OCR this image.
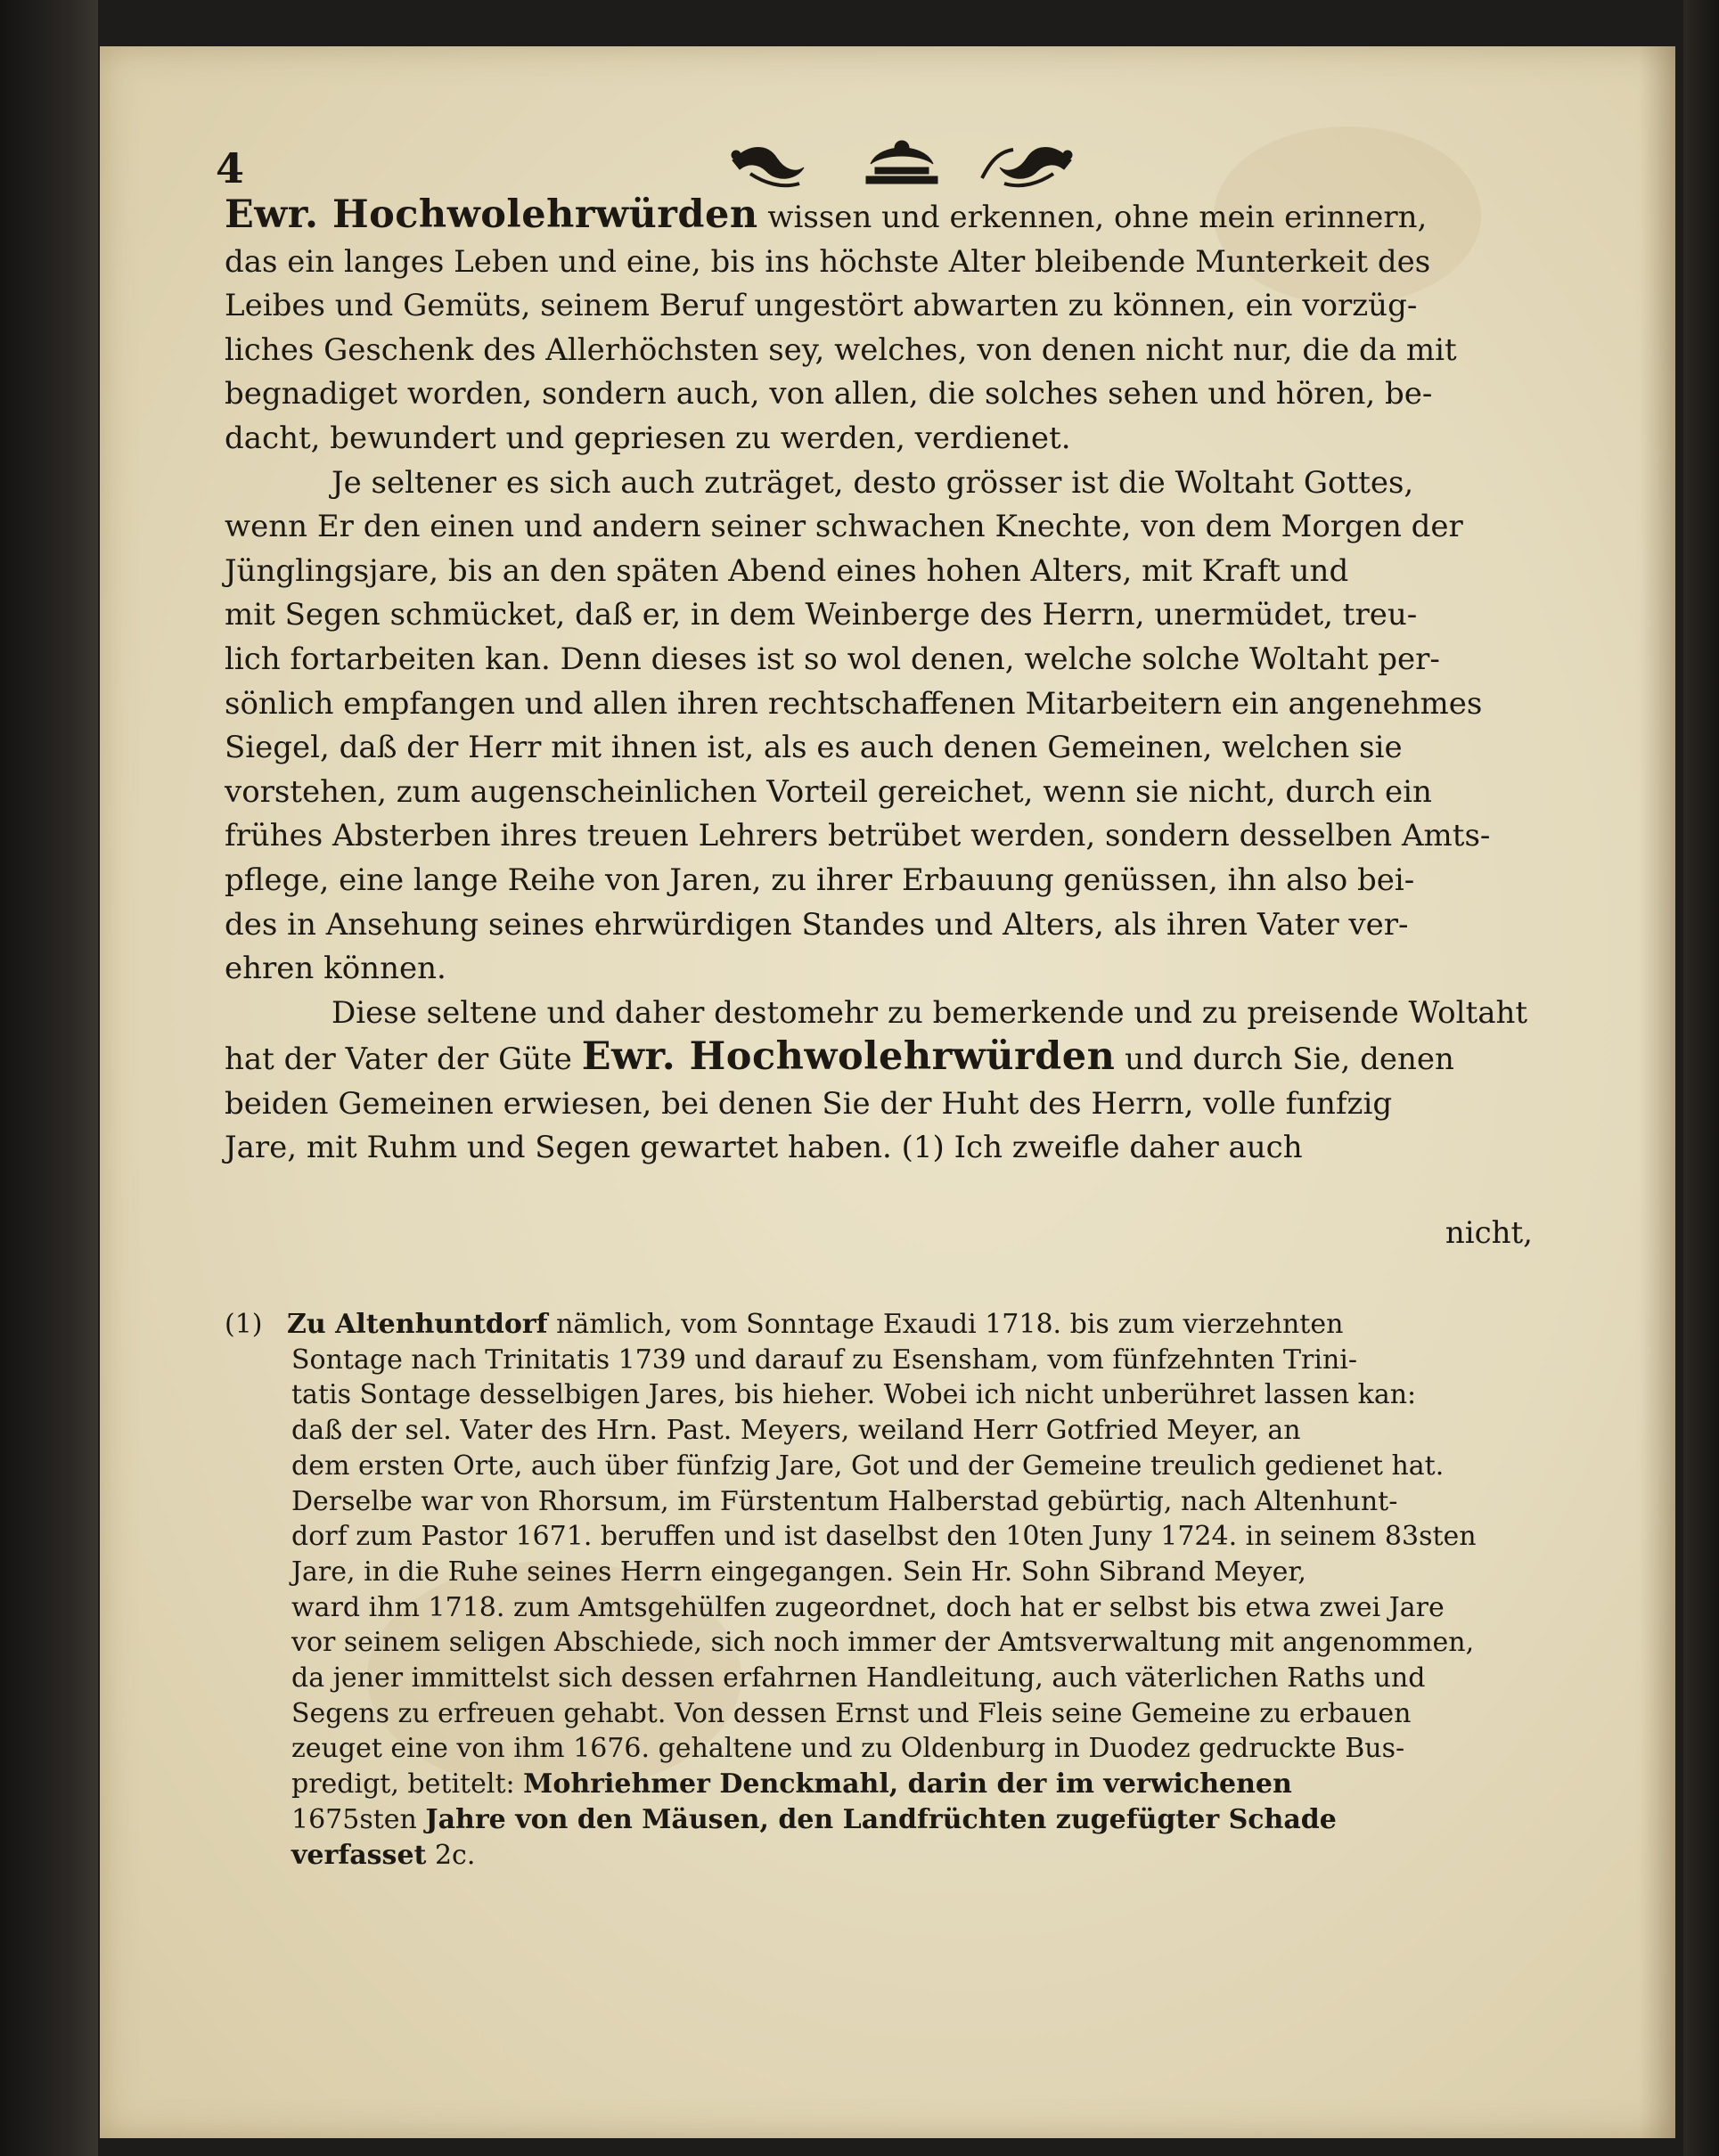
4

Ewr. Hochwolehrwürden wissen und erkennen, ohne mein erinnern,
das ein langes Leben und eine, bis ins höchste Alter bleibende Munterkeit des
Leibes und Gemüts, seinem Beruf ungestört abwarten zu können, ein vorzüg-
liches Geschenk des Allerhöchsten sey, welches, von denen nicht nur, die da mit
begnadiget worden, sondern auch, von allen, die solches sehen und hören, be-
dacht, bewundert und gepriesen zu werden, verdienet.

Je seltener es sich auch zuträget, desto grösser ist die Woltaht Gottes,
wenn Er den einen und andern seiner schwachen Knechte, von dem Morgen der
Jünglingsjare, bis an den späten Abend eines hohen Alters, mit Kraft und
mit Segen schmücket, daß er, in dem Weinberge des Herrn, unermüdet, treu-
lich fortarbeiten kan. Denn dieses ist so wol denen, welche solche Woltaht per-
sönlich empfangen und allen ihren rechtschaffenen Mitarbeitern ein angenehmes
Siegel, daß der Herr mit ihnen ist, als es auch denen Gemeinen, welchen sie
vorstehen, zum augenscheinlichen Vorteil gereichet, wenn sie nicht, durch ein
frühes Absterben ihres treuen Lehrers betrübet werden, sondern desselben Amts-
pflege, eine lange Reihe von Jaren, zu ihrer Erbauung genüssen, ihn also bei-
des in Ansehung seines ehrwürdigen Standes und Alters, als ihren Vater ver-
ehren können.

Diese seltene und daher destomehr zu bemerkende und zu preisende Woltaht
hat der Vater der Güte Ewr. Hochwolehrwürden und durch Sie, denen
beiden Gemeinen erwiesen, bei denen Sie der Huht des Herrn, volle funfzig
Jare, mit Ruhm und Segen gewartet haben. (1) Ich zweifle daher auch

nicht,
(1) Zu Altenhuntdorf nämlich, vom Sonntage Exaudi 1718. bis zum vierzehnten
Sontage nach Trinitatis 1739 und darauf zu Esensham, vom fünfzehnten Trini-
tatis Sontage desselbigen Jares, bis hieher. Wobei ich nicht unberühret lassen kan:
daß der sel. Vater des Hrn. Past. Meyers, weiland Herr Gotfried Meyer, an
dem ersten Orte, auch über fünfzig Jare, Got und der Gemeine treulich gedienet hat.
Derselbe war von Rhorsum, im Fürstentum Halberstad gebürtig, nach Altenhunt-
dorf zum Pastor 1671. beruffen und ist daselbst den 10ten Juny 1724. in seinem 83sten
Jare, in die Ruhe seines Herrn eingegangen. Sein Hr. Sohn Sibrand Meyer,
ward ihm 1718. zum Amtsgehülfen zugeordnet, doch hat er selbst bis etwa zwei Jare
vor seinem seligen Abschiede, sich noch immer der Amtsverwaltung mit angenommen,
da jener immittelst sich dessen erfahrnen Handleitung, auch väterlichen Raths und
Segens zu erfreuen gehabt. Von dessen Ernst und Fleis seine Gemeine zu erbauen
zeuget eine von ihm 1676. gehaltene und zu Oldenburg in Duodez gedruckte Bus-
predigt, betitelt: Mohriehmer Denckmahl, darin der im verwichenen
1675sten Jahre von den Mäusen, den Landfrüchten zugefügter Schade
verfasset 2c.
